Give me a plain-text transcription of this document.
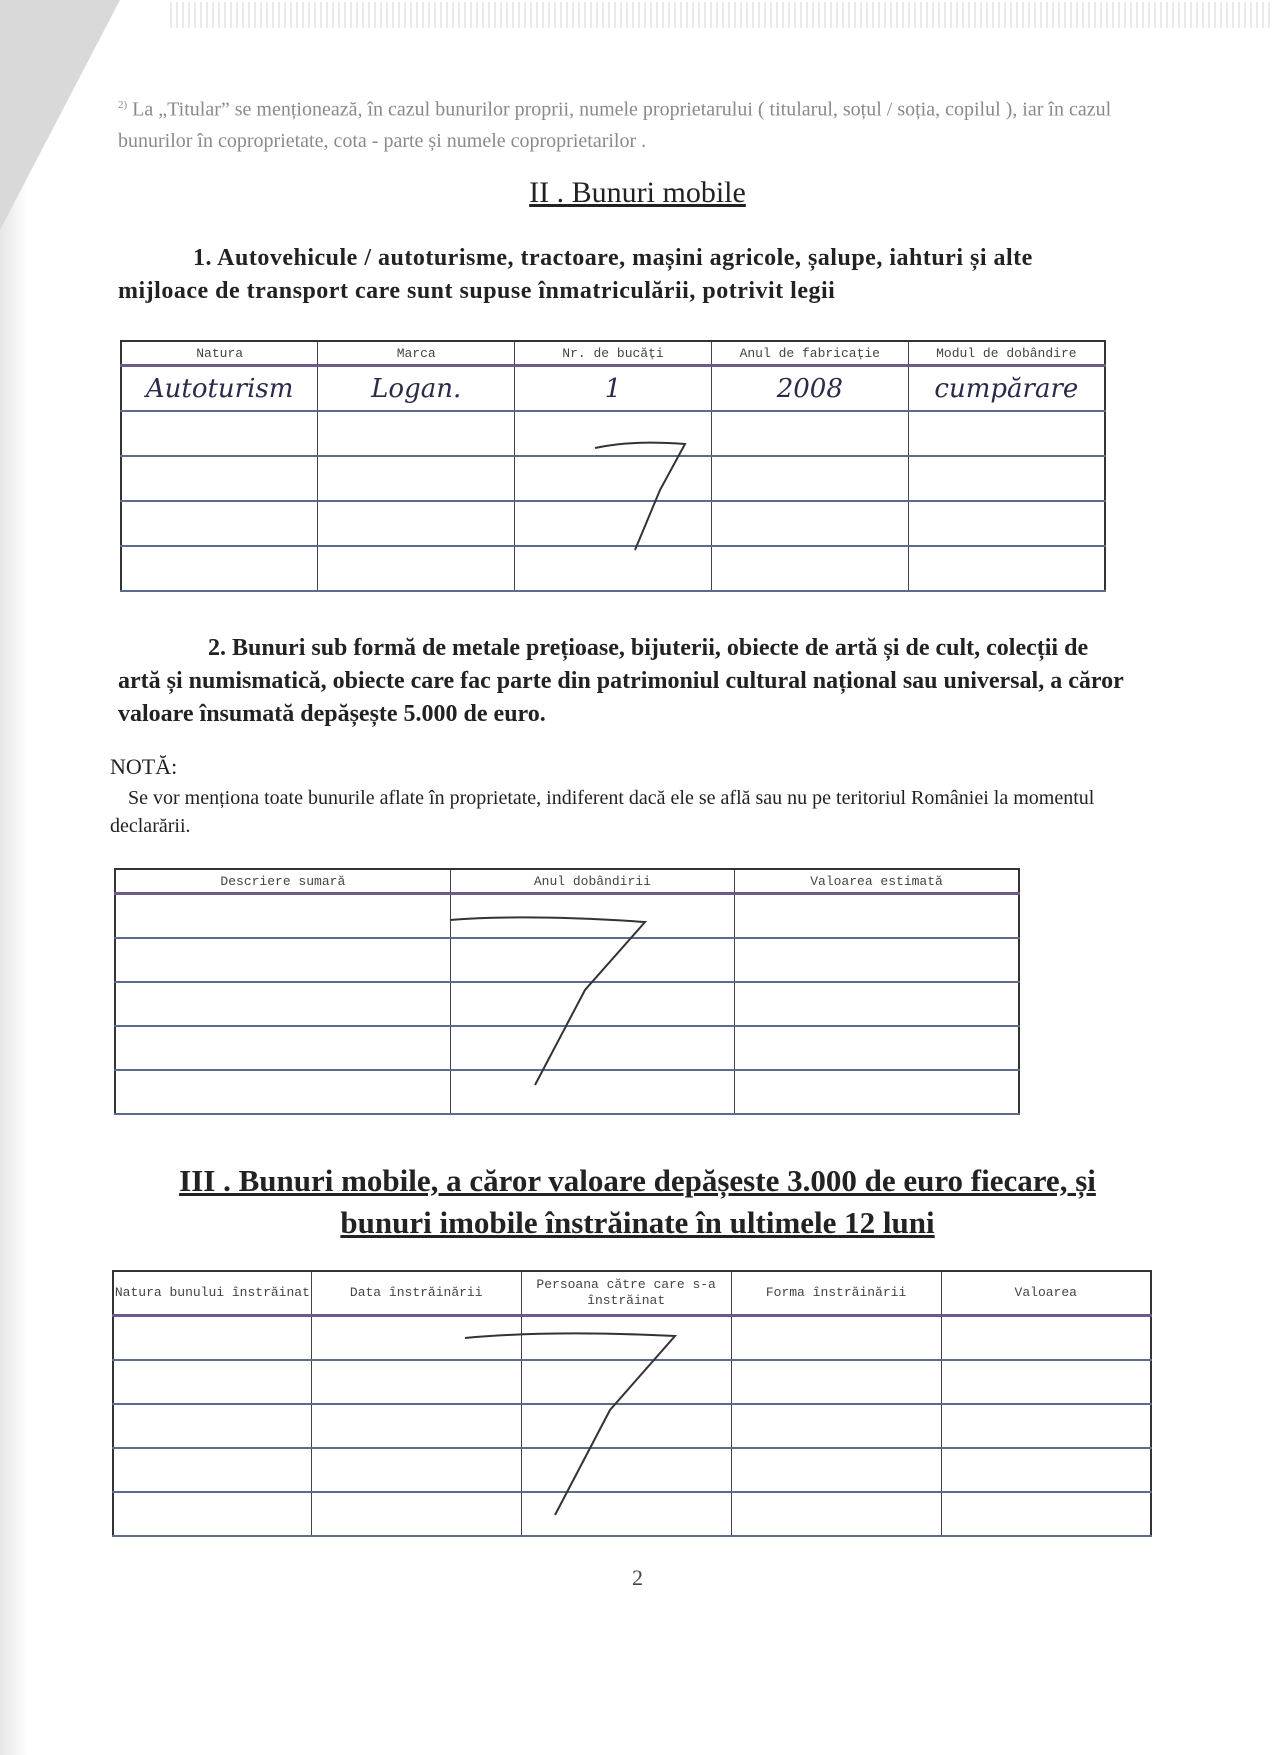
$^{2)}$ La „Titular” se menționează, în cazul bunurilor proprii, numele proprietarului ( titularul, soțul / soția, copilul ), iar în cazul bunurilor în coproprietate, cota - parte și numele coproprietarilor .
II . Bunuri mobile
1. Autovehicule / autoturisme, tractoare, mașini agricole, șalupe, iahturi și alte mijloace de transport care sunt supuse înmatriculării, potrivit legii
Natura	Marca	Nr. de bucăți	Anul de fabricație	Modul de dobândire
Autoturism	Logan.	1	2008	cumpărare

2. Bunuri sub formă de metale prețioase, bijuterii, obiecte de artă și de cult, colecții de artă și numismatică, obiecte care fac parte din patrimoniul cultural național sau universal, a căror valoare însumată depășește 5.000 de euro.
NOTĂ:
Se vor menționa toate bunurile aflate în proprietate, indiferent dacă ele se află sau nu pe teritoriul României la momentul declarării.
Descriere sumară	Anul dobândirii	Valoarea estimată

III . Bunuri mobile, a căror valoare depășeste 3.000 de euro fiecare, și
bunuri imobile înstrăinate în ultimele 12 luni
Natura bunului înstrăinat	Data înstrăinării	Persoana către care s-a înstrăinat	Forma înstrăinării	Valoarea

2
